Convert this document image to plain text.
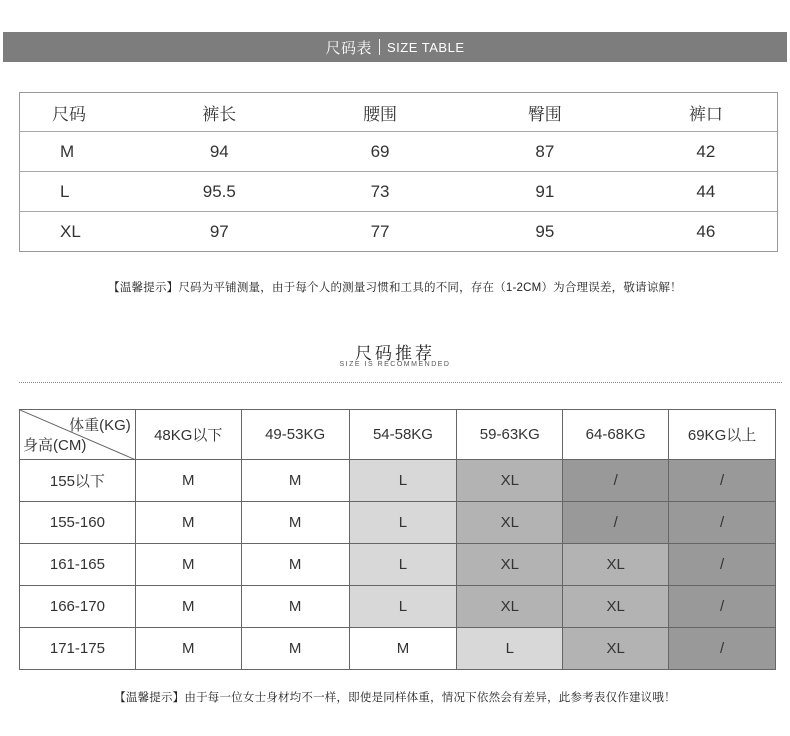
尺码表 SIZE TABLE
尺码	裤长	腰围	臀围	裤口
M	94	69	87	42
L	95.5	73	91	44
XL	97	77	95	46
【温馨提示】尺码为平铺测量，由于每个人的测量习惯和工具的不同，存在（1-2CM）为合理误差，敬请谅解！
尺码推荐
SIZE IS RECOMMENDED
体重(KG)
身高(CM)	48KG以下	49-53KG	54-58KG	59-63KG	64-68KG	69KG以上
155以下	M	M	L	XL	/	/
155-160	M	M	L	XL	/	/
161-165	M	M	L	XL	XL	/
166-170	M	M	L	XL	XL	/
171-175	M	M	M	L	XL	/
【温馨提示】由于每一位女士身材均不一样，即使是同样体重，情况下依然会有差异，此参考表仅作建议哦！
